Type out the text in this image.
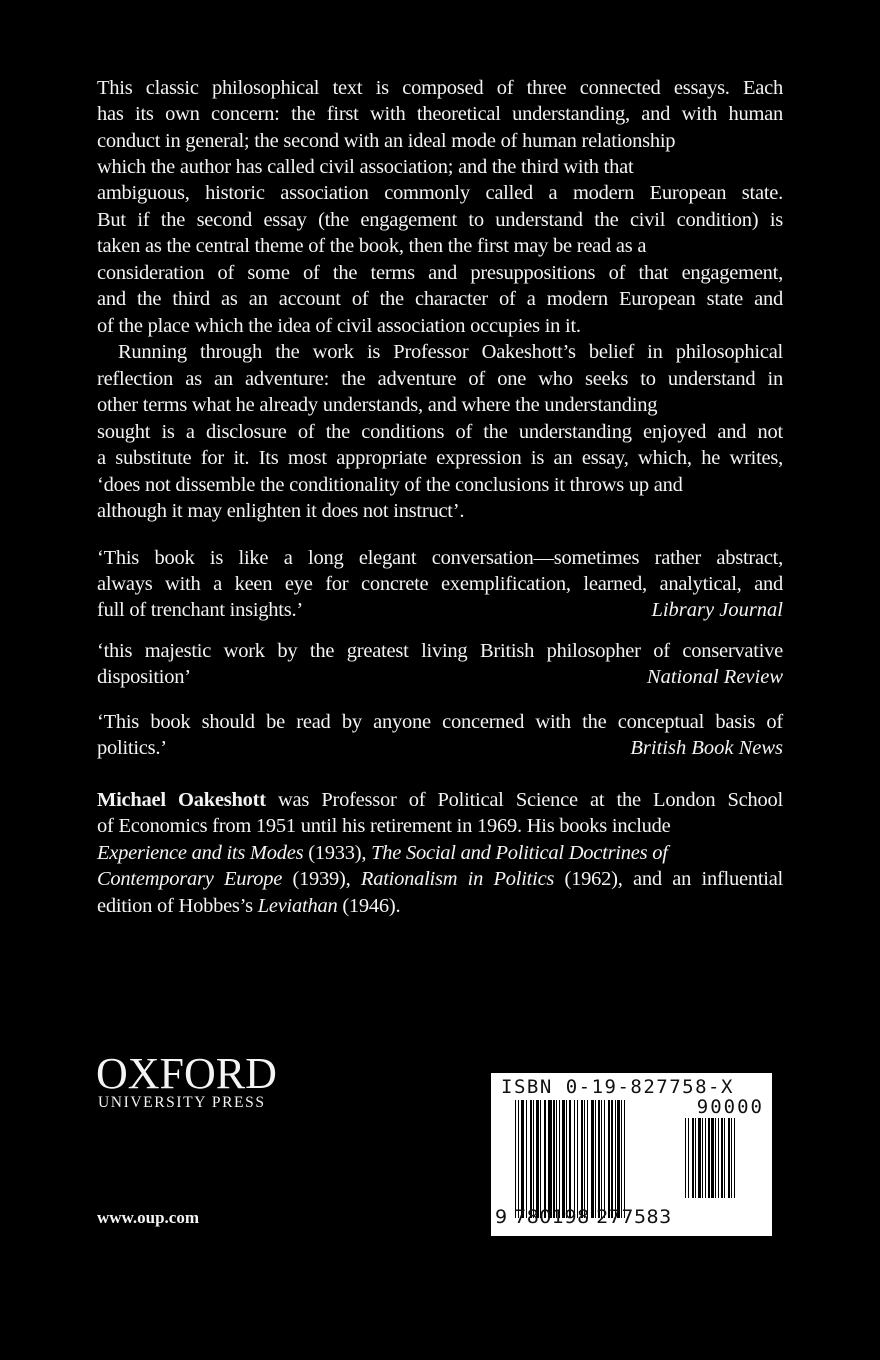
This classic philosophical text is composed of three connected essays. Each
has its own concern: the first with theoretical understanding, and with human
conduct in general; the second with an ideal mode of human relationship
which the author has called civil association; and the third with that
ambiguous, historic association commonly called a modern European state.
But if the second essay (the engagement to understand the civil condition) is
taken as the central theme of the book, then the first may be read as a
consideration of some of the terms and presuppositions of that engagement,
and the third as an account of the character of a modern European state and
of the place which the idea of civil association occupies in it.
Running through the work is Professor Oakeshott’s belief in philosophical
reflection as an adventure: the adventure of one who seeks to understand in
other terms what he already understands, and where the understanding
sought is a disclosure of the conditions of the understanding enjoyed and not
a substitute for it. Its most appropriate expression is an essay, which, he writes,
‘does not dissemble the conditionality of the conclusions it throws up and
although it may enlighten it does not instruct’.
‘This book is like a long elegant conversation—sometimes rather abstract,
always with a keen eye for concrete exemplification, learned, analytical, and
full of trenchant insights.’	Library Journal
‘this majestic work by the greatest living British philosopher of conservative
disposition’	National Review
‘This book should be read by anyone concerned with the conceptual basis of
politics.’	British Book News
Michael Oakeshott was Professor of Political Science at the London School
of Economics from 1951 until his retirement in 1969. His books include
Experience and its Modes (1933), The Social and Political Doctrines of
Contemporary Europe (1939), Rationalism in Politics (1962), and an influential
edition of Hobbes’s Leviathan (1946).
OXFORD
UNIVERSITY PRESS
www.oup.com
ISBN 0-19-827758-X
90000
9 780198 277583
